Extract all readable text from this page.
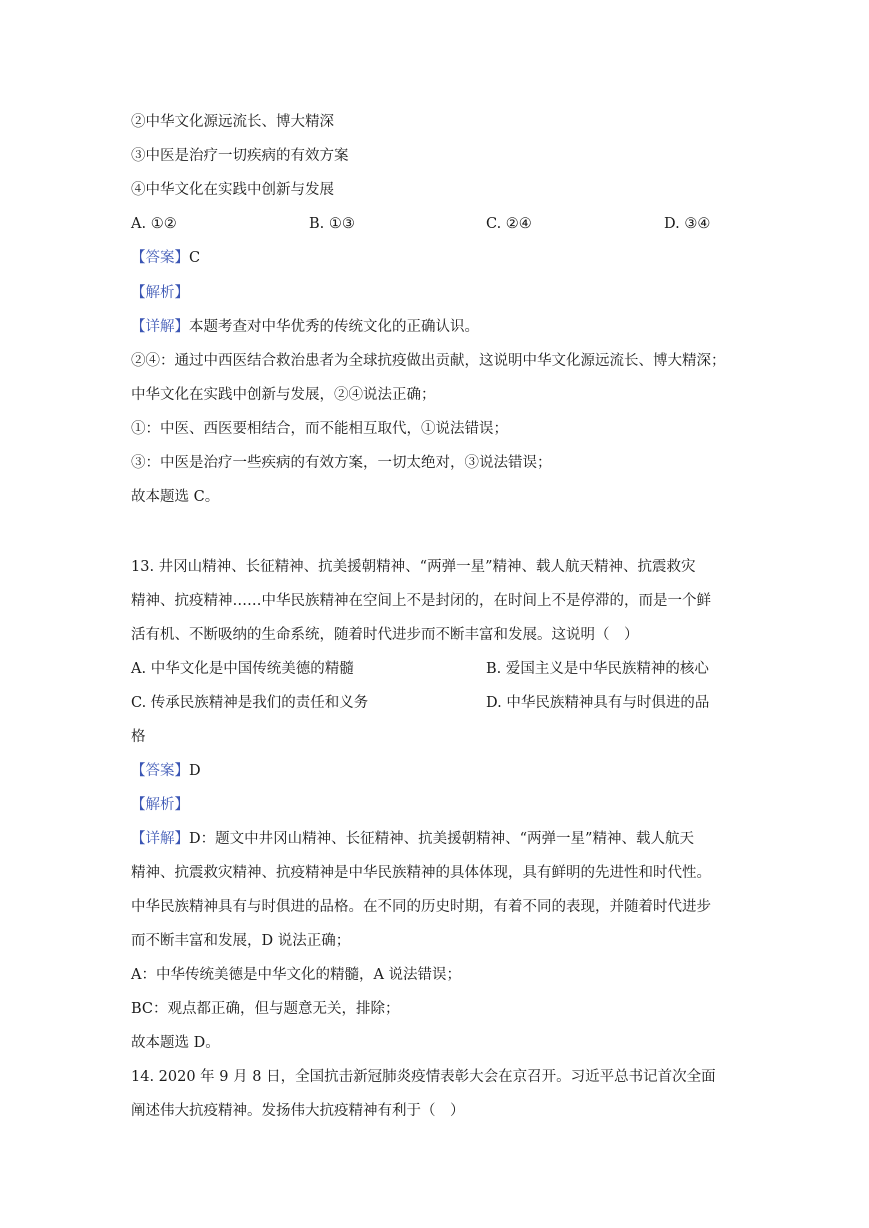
②中华文化源远流长、博大精深
③中医是治疗一切疾病的有效方案
④中华文化在实践中创新与发展
A. ①②	B. ①③	C. ②④	D. ③④
【答案】C
【解析】
【详解】本题考查对中华优秀的传统文化的正确认识。
②④：通过中西医结合救治患者为全球抗疫做出贡献，这说明中华文化源远流长、博大精深；
中华文化在实践中创新与发展，②④说法正确；
①：中医、西医要相结合，而不能相互取代，①说法错误；
③：中医是治疗一些疾病的有效方案，一切太绝对，③说法错误；
故本题选 C。
13. 井冈山精神、长征精神、抗美援朝精神、“两弹一星”精神、载人航天精神、抗震救灾
精神、抗疫精神……中华民族精神在空间上不是封闭的，在时间上不是停滞的，而是一个鲜
活有机、不断吸纳的生命系统，随着时代进步而不断丰富和发展。这说明（　）
A. 中华文化是中国传统美德的精髓	B. 爱国主义是中华民族精神的核心
C. 传承民族精神是我们的责任和义务	D. 中华民族精神具有与时俱进的品
格
【答案】D
【解析】
【详解】D：题文中井冈山精神、长征精神、抗美援朝精神、“两弹一星”精神、载人航天
精神、抗震救灾精神、抗疫精神是中华民族精神的具体体现，具有鲜明的先进性和时代性。
中华民族精神具有与时俱进的品格。在不同的历史时期，有着不同的表现，并随着时代进步
而不断丰富和发展，D 说法正确；
A：中华传统美德是中华文化的精髓，A 说法错误；
BC：观点都正确，但与题意无关，排除；
故本题选 D。
14. 2020 年 9 月 8 日，全国抗击新冠肺炎疫情表彰大会在京召开。习近平总书记首次全面
阐述伟大抗疫精神。发扬伟大抗疫精神有利于（　）
